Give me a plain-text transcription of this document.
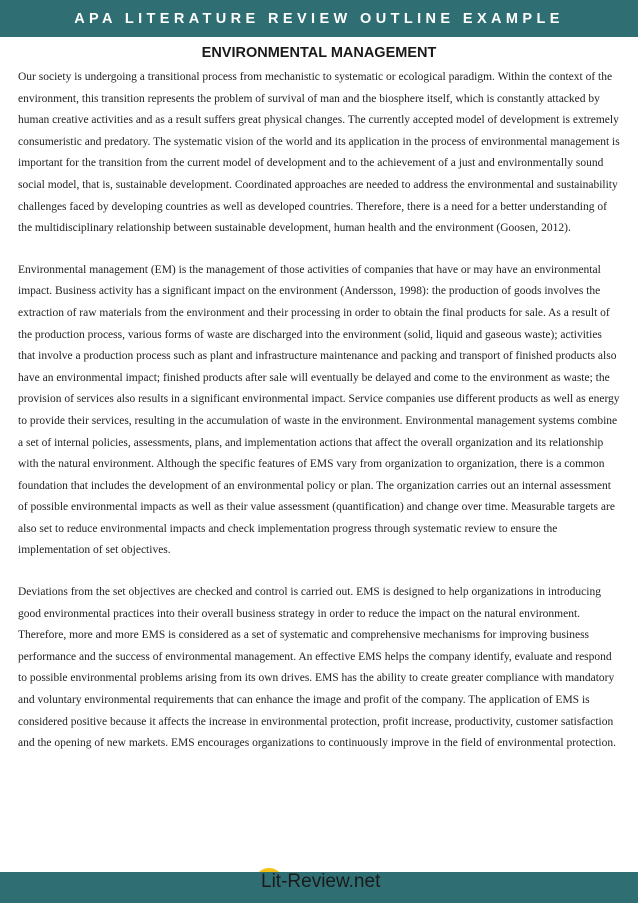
APA LITERATURE REVIEW OUTLINE EXAMPLE
ENVIRONMENTAL MANAGEMENT

Our society is undergoing a transitional process from mechanistic to systematic or ecological paradigm. Within the context of the environment, this transition represents the problem of survival of man and the biosphere itself, which is constantly attacked by human creative activities and as a result suffers great physical changes. The currently accepted model of development is extremely consumeristic and predatory. The systematic vision of the world and its application in the process of environmental management is important for the transition from the current model of development and to the achievement of a just and environmentally sound social model, that is, sustainable development. Coordinated approaches are needed to address the environmental and sustainability challenges faced by developing countries as well as developed countries. Therefore, there is a need for a better understanding of the multidisciplinary relationship between sustainable development, human health and the environment (Goosen, 2012).

Environmental management (EM) is the management of those activities of companies that have or may have an environmental impact. Business activity has a significant impact on the environment (Andersson, 1998): the production of goods involves the extraction of raw materials from the environment and their processing in order to obtain the final products for sale. As a result of the production process, various forms of waste are discharged into the environment (solid, liquid and gaseous waste); activities that involve a production process such as plant and infrastructure maintenance and packing and transport of finished products also have an environmental impact; finished products after sale will eventually be delayed and come to the environment as waste; the provision of services also results in a significant environmental impact. Service companies use different products as well as energy to provide their services, resulting in the accumulation of waste in the environment. Environmental management systems combine a set of internal policies, assessments, plans, and implementation actions that affect the overall organization and its relationship with the natural environment. Although the specific features of EMS vary from organization to organization, there is a common foundation that includes the development of an environmental policy or plan. The organization carries out an internal assessment of possible environmental impacts as well as their value assessment (quantification) and change over time. Measurable targets are also set to reduce environmental impacts and check implementation progress through systematic review to ensure the implementation of set objectives.

Deviations from the set objectives are checked and control is carried out. EMS is designed to help organizations in introducing good environmental practices into their overall business strategy in order to reduce the impact on the natural environment. Therefore, more and more EMS is considered as a set of systematic and comprehensive mechanisms for improving business performance and the success of environmental management. An effective EMS helps the company identify, evaluate and respond to possible environmental problems arising from its own drives. EMS has the ability to create greater compliance with mandatory and voluntary environmental requirements that can enhance the image and profit of the company. The application of EMS is considered positive because it affects the increase in environmental protection, profit increase, productivity, customer satisfaction and the opening of new markets. EMS encourages organizations to continuously improve in the field of environmental protection.

Lit - Review.net
